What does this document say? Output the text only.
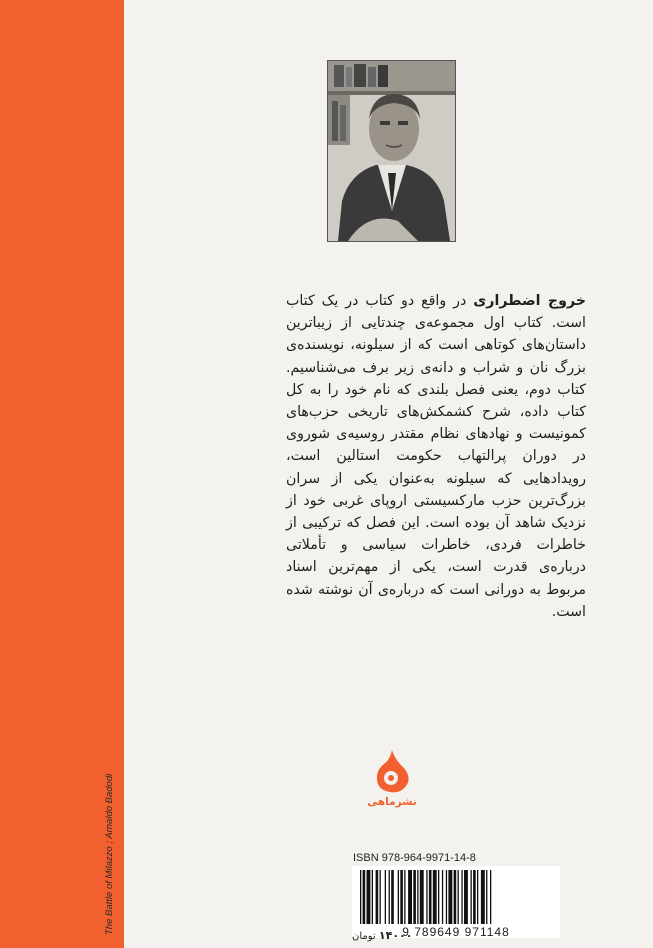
The Battle of Milazzo ; Arnaldo Badodi
خروج اضطراری در واقع دو کتاب در یک کتاب است. کتاب اول مجموعه‌ی چندتایی از زیباترین داستان‌های کوتاهی است که از سیلونه، نویسنده‌ی بزرگ نان و شراب و دانه‌ی زیر برف می‌شناسیم. کتاب دوم، یعنی فصل بلندی که نام خود را به کل کتاب داده، شرح کشمکش‌های تاریخی حزب‌های کمونیست و نهادهای نظام مقتدر روسیه‌ی شوروی در دوران پرالتهاب حکومت استالین است، رویدادهایی که سیلونه به‌عنوان یکی از سران بزرگ‌ترین حزب مارکسیستی اروپای غربی خود از نزدیک شاهد آن بوده است. این فصل که ترکیبی از خاطرات فردی، خاطرات سیاسی و تأملاتی درباره‌ی قدرت است، یکی از مهم‌ترین اسناد مربوط به دورانی است که درباره‌ی آن نوشته شده است.
نشرماهی
ISBN 978-964-9971-14-8
9 789649 971148
۱۴۰۰۰ تومان
